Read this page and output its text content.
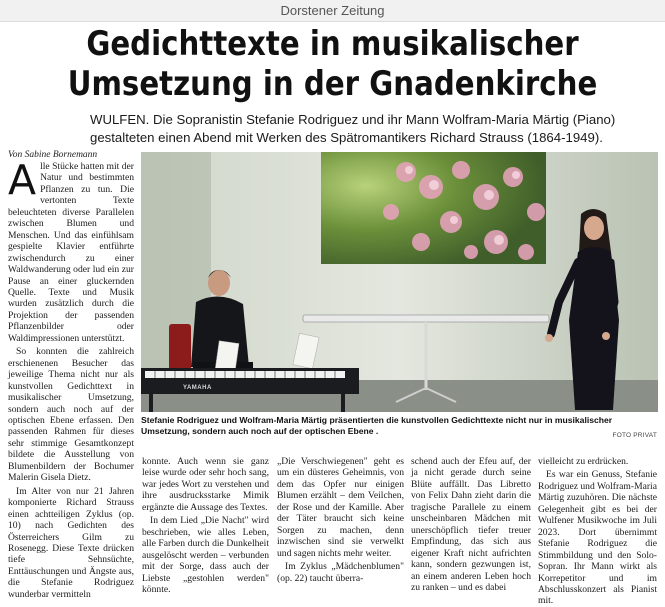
Dorstener Zeitung
Gedichttexte in musikalischer
Umsetzung in der Gnadenkirche

WULFEN. Die Sopranistin Stefanie Rodriguez und ihr Mann Wolfram-Maria Märtig (Piano) gestalteten einen Abend mit Werken des Spätromantikers Richard Strauss (1864-1949).

Von Sabine Bornemann

Alle Stücke hatten mit der Natur und bestimmten Pflanzen zu tun. Die vertonten Texte beleuchteten diverse Parallelen zwischen Blumen und Menschen. Und das einfühlsam gespielte Klavier entführte zwischendurch zu einer Waldwanderung oder lud ein zur Pause an einer gluckernden Quelle. Texte und Musik wurden zusätzlich durch die Projektion der passenden Pflanzenbilder oder Waldimpressionen unterstützt.

So konnten die zahlreich erschienenen Besucher das jeweilige Thema nicht nur als kunstvollen Gedichttext in musikalischer Umsetzung, sondern auch noch auf der optischen Ebene erfassen. Den passenden Rahmen für dieses sehr stimmige Gesamtkonzept bildete die Ausstellung von Blumenbildern der Bochumer Malerin Gisela Dietz.

Im Alter von nur 21 Jahren komponierte Richard Strauss einen achtteiligen Zyklus (op. 10) nach Gedichten des Österreichers Gilm zu Rosenegg. Diese Texte drücken tiefe Sehnsüchte, Enttäuschungen und Ängste aus, die Stefanie Rodriguez wunderbar vermitteln

YAMAHA

Stefanie Rodriguez und Wolfram-Maria Märtig präsentierten die kunstvollen Gedichttexte nicht nur in musikalischer Umsetzung, sondern auch noch auf der optischen Ebene .	FOTO PRIVAT

konnte. Auch wenn sie ganz leise wurde oder sehr hoch sang, war jedes Wort zu verstehen und ihre ausdrucksstarke Mimik ergänzte die Aussage des Textes.

In dem Lied „Die Nacht" wird beschrieben, wie alles Leben, alle Farben durch die Dunkelheit ausgelöscht werden – verbunden mit der Sorge, dass auch der Liebste „gestohlen werden" könnte.

„Die Verschwiegenen" geht es um ein düsteres Geheimnis, von dem das Opfer nur einigen Blumen erzählt – dem Veilchen, der Rose und der Kamille. Aber der Täter braucht sich keine Sorgen zu machen, denn inzwischen sind sie verwelkt und sagen nichts mehr weiter.

Im Zyklus „Mädchenblumen" (op. 22) taucht überra-

schend auch der Efeu auf, der ja nicht gerade durch seine Blüte auffällt. Das Libretto von Felix Dahn zieht darin die tragische Parallele zu einem unscheinbaren Mädchen mit unerschöpflich tiefer treuer Empfindung, das sich aus eigener Kraft nicht aufrichten kann, sondern gezwungen ist, an einem anderen Leben hoch zu ranken – und es dabei

vielleicht zu erdrücken.

Es war ein Genuss, Stefanie Rodriguez und Wolfram-Maria Märtig zuzuhören. Die nächste Gelegenheit gibt es bei der Wulfener Musikwoche im Juli 2023. Dort übernimmt Stefanie Rodriguez die Stimmbildung und den Solo-Sopran. Ihr Mann wirkt als Korrepetitor und im Abschlusskonzert als Pianist mit.
